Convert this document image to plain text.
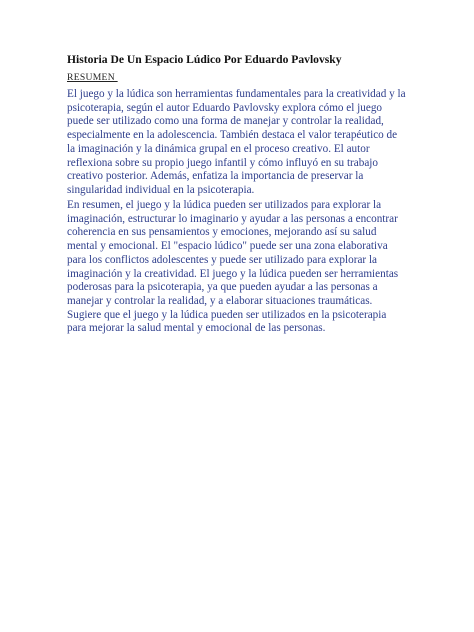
Historia De Un Espacio Lúdico Por Eduardo Pavlovsky
RESUMEN

El juego y la lúdica son herramientas fundamentales para la creatividad y la
psicoterapia, según el autor Eduardo Pavlovsky explora cómo el juego
puede ser utilizado como una forma de manejar y controlar la realidad,
especialmente en la adolescencia. También destaca el valor terapéutico de
la imaginación y la dinámica grupal en el proceso creativo. El autor
reflexiona sobre su propio juego infantil y cómo influyó en su trabajo
creativo posterior. Además, enfatiza la importancia de preservar la
singularidad individual en la psicoterapia.

En resumen, el juego y la lúdica pueden ser utilizados para explorar la
imaginación, estructurar lo imaginario y ayudar a las personas a encontrar
coherencia en sus pensamientos y emociones, mejorando así su salud
mental y emocional. El "espacio lúdico" puede ser una zona elaborativa
para los conflictos adolescentes y puede ser utilizado para explorar la
imaginación y la creatividad. El juego y la lúdica pueden ser herramientas
poderosas para la psicoterapia, ya que pueden ayudar a las personas a
manejar y controlar la realidad, y a elaborar situaciones traumáticas.
Sugiere que el juego y la lúdica pueden ser utilizados en la psicoterapia
para mejorar la salud mental y emocional de las personas.
